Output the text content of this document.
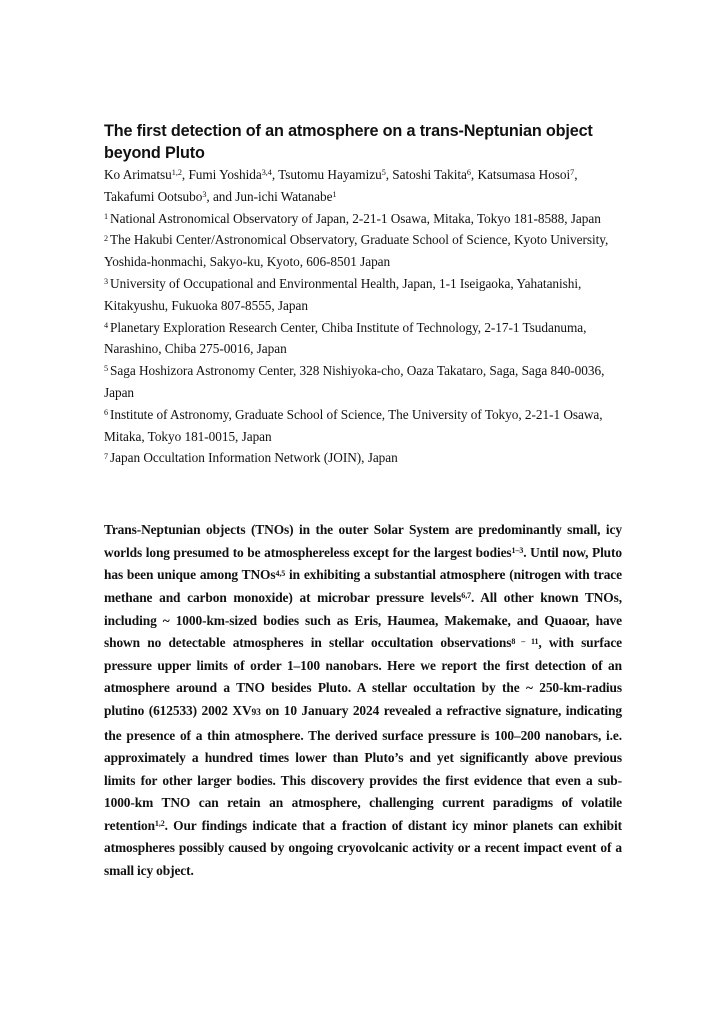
The first detection of an atmosphere on a trans-Neptunian object beyond Pluto

Ko Arimatsu$^{1,2}$, Fumi Yoshida$^{3,4}$, Tsutomu Hayamizu$^5$, Satoshi Takita$^6$, Katsumasa Hosoi$^7$, Takafumi Ootsubo$^3$, and Jun-ichi Watanabe$^1$

$^1$ National Astronomical Observatory of Japan, 2-21-1 Osawa, Mitaka, Tokyo 181-8588, Japan

$^2$ The Hakubi Center/Astronomical Observatory, Graduate School of Science, Kyoto University, Yoshida-honmachi, Sakyo-ku, Kyoto, 606-8501 Japan

$^3$ University of Occupational and Environmental Health, Japan, 1-1 Iseigaoka, Yahatanishi, Kitakyushu, Fukuoka 807-8555, Japan

$^4$ Planetary Exploration Research Center, Chiba Institute of Technology, 2-17-1 Tsudanuma, Narashino, Chiba 275-0016, Japan

$^5$ Saga Hoshizora Astronomy Center, 328 Nishiyoka-cho, Oaza Takataro, Saga, Saga 840-0036, Japan

$^6$ Institute of Astronomy, Graduate School of Science, The University of Tokyo, 2-21-1 Osawa, Mitaka, Tokyo 181-0015, Japan

$^7$ Japan Occultation Information Network (JOIN), Japan

Trans-Neptunian objects (TNOs) in the outer Solar System are predominantly small, icy worlds long presumed to be atmosphereless except for the largest bodies$^{1-3}$. Until now, Pluto has been unique among TNOs$^{4,5}$ in exhibiting a substantial atmosphere (nitrogen with trace methane and carbon monoxide) at microbar pressure levels$^{6,7}$. All other known TNOs, including ~ 1000-km-sized bodies such as Eris, Haumea, Makemake, and Quaoar, have shown no detectable atmospheres in stellar occultation observations$^{8 - 11}$, with surface pressure upper limits of order 1–100 nanobars. Here we report the first detection of an atmosphere around a TNO besides Pluto. A stellar occultation by the ~ 250-km-radius plutino (612533) 2002 XV93 on 10 January 2024 revealed a refractive signature, indicating the presence of a thin atmosphere. The derived surface pressure is 100–200 nanobars, i.e. approximately a hundred times lower than Pluto’s and yet significantly above previous limits for other larger bodies. This discovery provides the first evidence that even a sub-1000-km TNO can retain an atmosphere, challenging current paradigms of volatile retention$^{1,2}$. Our findings indicate that a fraction of distant icy minor planets can exhibit atmospheres possibly caused by ongoing cryovolcanic activity or a recent impact event of a small icy object.
